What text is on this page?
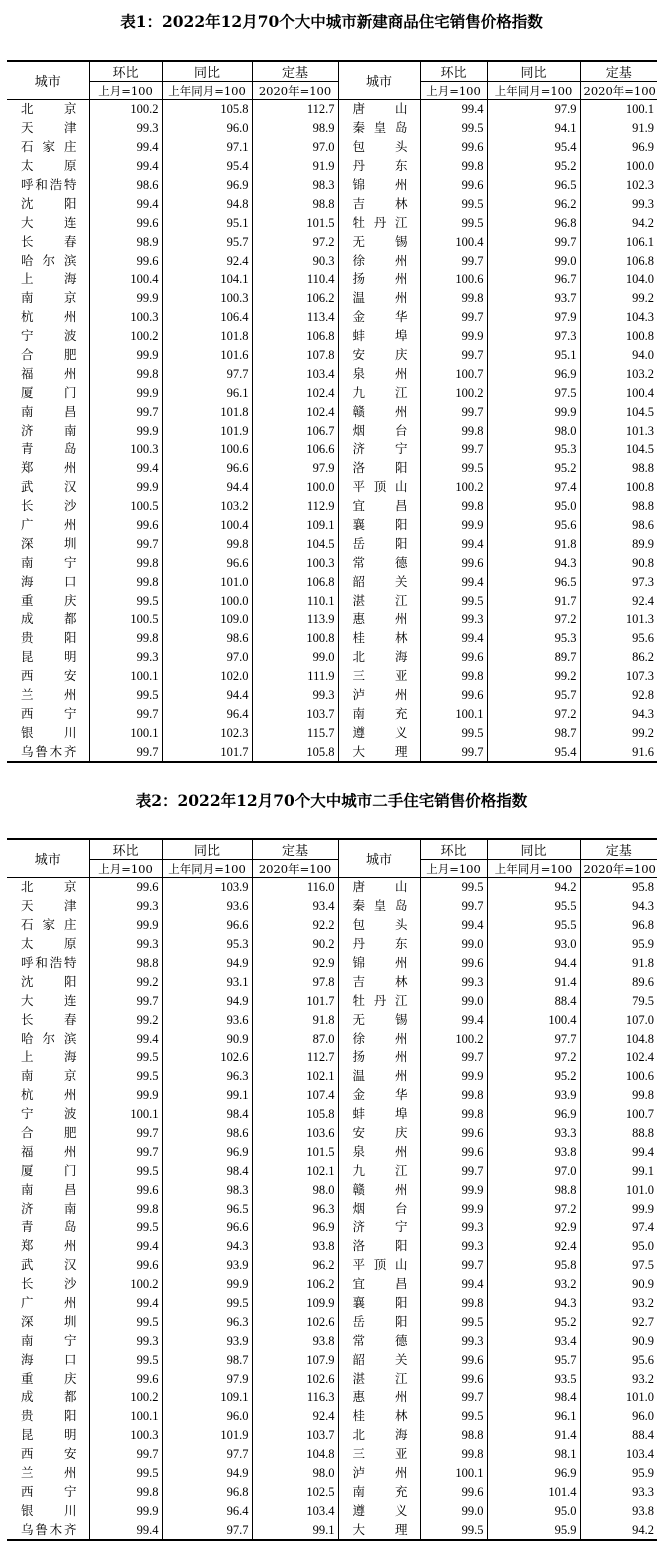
表1：2022年12月70个大中城市新建商品住宅销售价格指数
城市	环比	同比	定基	城市	环比	同比	定基
	上月=100	上年同月=100	2020年=100		上月=100	上年同月=100	2020年=100
北京	100.2	105.8	112.7	唐山	99.4	97.9	100.1
天津	99.3	96.0	98.9	秦皇岛	99.5	94.1	91.9
石家庄	99.4	97.1	97.0	包头	99.6	95.4	96.9
太原	99.4	95.4	91.9	丹东	99.8	95.2	100.0
呼和浩特	98.6	96.9	98.3	锦州	99.6	96.5	102.3
沈阳	99.4	94.8	98.8	吉林	99.5	96.2	99.3
大连	99.6	95.1	101.5	牡丹江	99.5	96.8	94.2
长春	98.9	95.7	97.2	无锡	100.4	99.7	106.1
哈尔滨	99.6	92.4	90.3	徐州	99.7	99.0	106.8
上海	100.4	104.1	110.4	扬州	100.6	96.7	104.0
南京	99.9	100.3	106.2	温州	99.8	93.7	99.2
杭州	100.3	106.4	113.4	金华	99.7	97.9	104.3
宁波	100.2	101.8	106.8	蚌埠	99.9	97.3	100.8
合肥	99.9	101.6	107.8	安庆	99.7	95.1	94.0
福州	99.8	97.7	103.4	泉州	100.7	96.9	103.2
厦门	99.9	96.1	102.4	九江	100.2	97.5	100.4
南昌	99.7	101.8	102.4	赣州	99.7	99.9	104.5
济南	99.9	101.9	106.7	烟台	99.8	98.0	101.3
青岛	100.3	100.6	106.6	济宁	99.7	95.3	104.5
郑州	99.4	96.6	97.9	洛阳	99.5	95.2	98.8
武汉	99.9	94.4	100.0	平顶山	100.2	97.4	100.8
长沙	100.5	103.2	112.9	宜昌	99.8	95.0	98.8
广州	99.6	100.4	109.1	襄阳	99.9	95.6	98.6
深圳	99.7	99.8	104.5	岳阳	99.4	91.8	89.9
南宁	99.8	96.6	100.3	常德	99.6	94.3	90.8
海口	99.8	101.0	106.8	韶关	99.4	96.5	97.3
重庆	99.5	100.0	110.1	湛江	99.5	91.7	92.4
成都	100.5	109.0	113.9	惠州	99.3	97.2	101.3
贵阳	99.8	98.6	100.8	桂林	99.4	95.3	95.6
昆明	99.3	97.0	99.0	北海	99.6	89.7	86.2
西安	100.1	102.0	111.9	三亚	99.8	99.2	107.3
兰州	99.5	94.4	99.3	泸州	99.6	95.7	92.8
西宁	99.7	96.4	103.7	南充	100.1	97.2	94.3
银川	100.1	102.3	115.7	遵义	99.5	98.7	99.2
乌鲁木齐	99.7	101.7	105.8	大理	99.7	95.4	91.6
表2：2022年12月70个大中城市二手住宅销售价格指数
城市	环比	同比	定基	城市	环比	同比	定基
	上月=100	上年同月=100	2020年=100		上月=100	上年同月=100	2020年=100
北京	99.6	103.9	116.0	唐山	99.5	94.2	95.8
天津	99.3	93.6	93.4	秦皇岛	99.7	95.5	94.3
石家庄	99.9	96.6	92.2	包头	99.4	95.5	96.8
太原	99.3	95.3	90.2	丹东	99.0	93.0	95.9
呼和浩特	98.8	94.9	92.9	锦州	99.6	94.4	91.8
沈阳	99.2	93.1	97.8	吉林	99.3	91.4	89.6
大连	99.7	94.9	101.7	牡丹江	99.0	88.4	79.5
长春	99.2	93.6	91.8	无锡	99.4	100.4	107.0
哈尔滨	99.4	90.9	87.0	徐州	100.2	97.7	104.8
上海	99.5	102.6	112.7	扬州	99.7	97.2	102.4
南京	99.5	96.3	102.1	温州	99.9	95.2	100.6
杭州	99.9	99.1	107.4	金华	99.8	93.9	99.8
宁波	100.1	98.4	105.8	蚌埠	99.8	96.9	100.7
合肥	99.7	98.6	103.6	安庆	99.6	93.3	88.8
福州	99.7	96.9	101.5	泉州	99.6	93.8	99.4
厦门	99.5	98.4	102.1	九江	99.7	97.0	99.1
南昌	99.6	98.3	98.0	赣州	99.9	98.8	101.0
济南	99.8	96.5	96.3	烟台	99.9	97.2	99.9
青岛	99.5	96.6	96.9	济宁	99.3	92.9	97.4
郑州	99.4	94.3	93.8	洛阳	99.3	92.4	95.0
武汉	99.6	93.9	96.2	平顶山	99.7	95.8	97.5
长沙	100.2	99.9	106.2	宜昌	99.4	93.2	90.9
广州	99.4	99.5	109.9	襄阳	99.8	94.3	93.2
深圳	99.5	96.3	102.6	岳阳	99.5	95.2	92.7
南宁	99.3	93.9	93.8	常德	99.3	93.4	90.9
海口	99.5	98.7	107.9	韶关	99.6	95.7	95.6
重庆	99.6	97.9	102.6	湛江	99.6	93.5	93.2
成都	100.2	109.1	116.3	惠州	99.7	98.4	101.0
贵阳	100.1	96.0	92.4	桂林	99.5	96.1	96.0
昆明	100.3	101.9	103.7	北海	98.8	91.4	88.4
西安	99.7	97.7	104.8	三亚	99.8	98.1	103.4
兰州	99.5	94.9	98.0	泸州	100.1	96.9	95.9
西宁	99.8	96.8	102.5	南充	99.6	101.4	93.3
银川	99.9	96.4	103.4	遵义	99.0	95.0	93.8
乌鲁木齐	99.4	97.7	99.1	大理	99.5	95.9	94.2
